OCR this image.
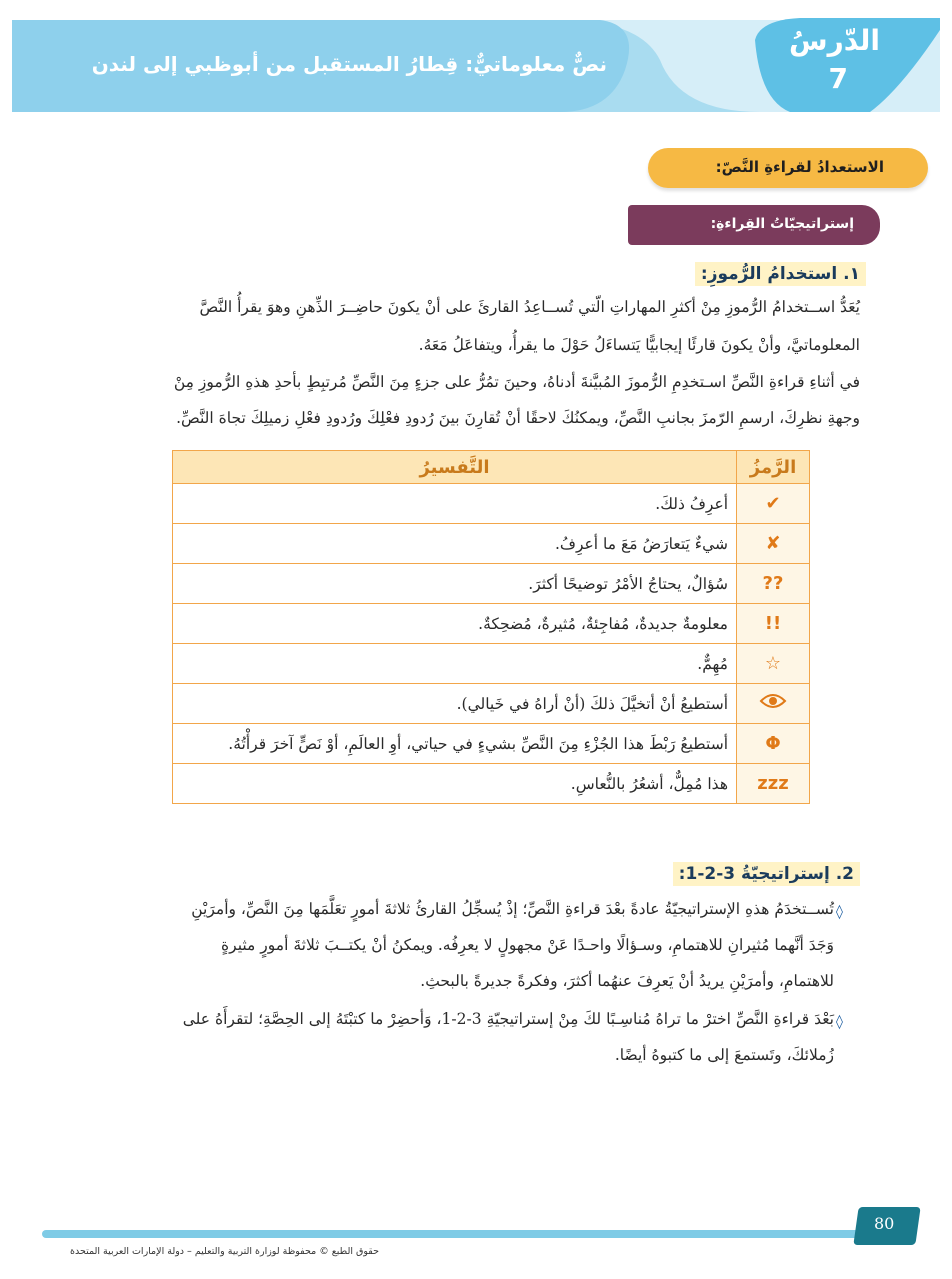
نصٌّ معلوماتيٌّ: قِطارُ المستقبل من أبوظبي إلى لندن
الدّرسُ
7
الاستعدادُ لقراءةِ النَّصّ:
إستراتيجيّاتُ القِراءةِ:
١. استخدامُ الرُّموزِ:
يُعَدُّ اســتخدامُ الرُّموزِ مِنْ أكثرِ المهاراتِ الّتي تُســاعِدُ القارئَ على أنْ يكونَ حاضِــرَ الذِّهنِ وهوَ يقرأُ النَّصَّ
المعلوماتيَّ، وأنْ يكونَ قارئًا إيجابيًّا يَتساءَلُ حَوْلَ ما يقرأُ، ويتفاعَلُ مَعَهُ.
في أثناءِ قراءةِ النَّصِّ اسـتخدِمِ الرُّموزَ المُبيَّنةَ أدناهُ، وحينَ تمُرُّ على جزءٍ مِنَ النَّصِّ مُرتبِطٍ بأحدِ هذهِ الرُّموزِ مِنْ
وجهةِ نظرِكَ، ارسمِ الرّمزَ بجانبِ النَّصِّ، ويمكنُكَ لاحقًا أنْ تُقارِنَ بينَ رُدودِ فعْلِكَ ورُدودِ فعْلِ زميلِكَ تجاهَ النَّصِّ.
الرَّمزُ	التَّفسيرُ
✔	أعرِفُ ذلكَ.
✘	شيءٌ يَتعارَضُ مَعَ ما أعرِفُ.
??	سُؤالٌ، يحتاجُ الأمْرُ توضيحًا أكثرَ.
!!	معلومةٌ جديدةٌ، مُفاجِئةٌ، مُثيرةٌ، مُضحِكةٌ.
☆	مُهِمٌّ.
	أستطيعُ أنْ أتخيَّلَ ذلكَ (أنْ أراهُ في خَيالي).
Φ	أستطيعُ رَبْطَ هذا الجُزْءِ مِنَ النَّصِّ بشيءٍ في حياتي، أوِ العالَمِ، أوْ نَصٍّ آخرَ قرأْتُهُ.
zzz	هذا مُمِلٌّ، أشعُرُ بالنُّعاسِ.
2. إستراتيجيّةُ 3-2-1:
◊
تُســتخدَمُ هذهِ الإستراتيجيّةُ عادةً بعْدَ قراءةِ النَّصِّ؛ إذْ يُسجِّلُ القارئُ ثلاثةَ أمورٍ تعَلَّمَها مِنَ النَّصِّ، وأمرَيْنِ
وَجَدَ أنَّهما مُثيرانِ للاهتمامِ، وسـؤالًا واحـدًا عَنْ مجهولٍ لا يعرِفُه. ويمكنُ أنْ يكتــبَ ثلاثةَ أمورٍ مثيرةٍ
للاهتمامِ، وأمرَيْنِ يريدُ أنْ يَعرِفَ عنهُما أكثرَ، وفكرةً جديرةً بالبحثِ.
◊
بَعْدَ قراءةِ النَّصِّ اخترْ ما تراهُ مُناسِـبًا لكَ مِنْ إستراتيجيّةِ 3-2-1، وَأحضِرْ ما كتبْتَهُ إلى الحِصَّةِ؛ لتقرأَهُ على
زُملائكَ، وتَستمعَ إلى ما كتبوهُ أيضًا.
80
حقوق الطبع © محفوظة لوزارة التربية والتعليم – دولة الإمارات العربية المتحدة
